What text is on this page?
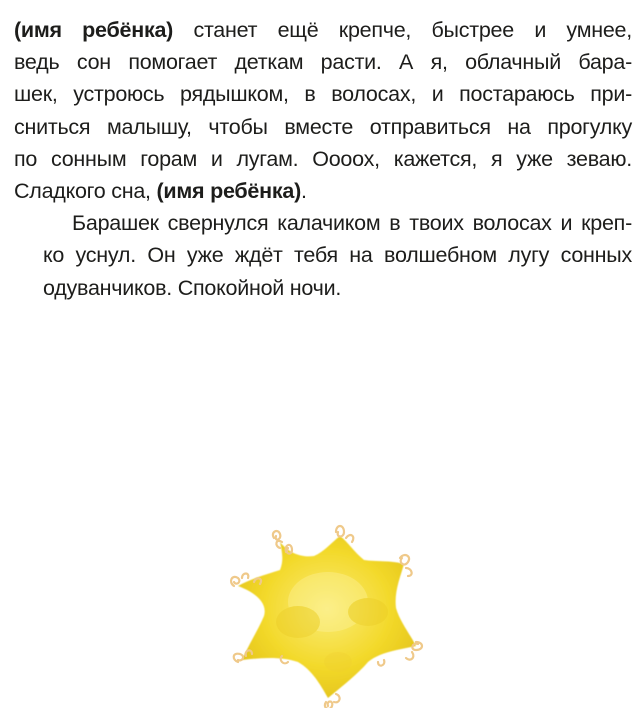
(имя ребёнка) станет ещё крепче, быстрее и умнее,
ведь сон помогает деткам расти. А я, облачный бара-
шек, устроюсь рядышком, в волосах, и постараюсь при-
сниться малышу, чтобы вместе отправиться на прогулку
по сонным горам и лугам. Оооох, кажется, я уже зеваю.
Сладкого сна, (имя ребёнка).

Барашек свернулся калачиком в твоих волосах и креп-
ко уснул. Он уже ждёт тебя на волшебном лугу сонных
одуванчиков. Спокойной ночи.
